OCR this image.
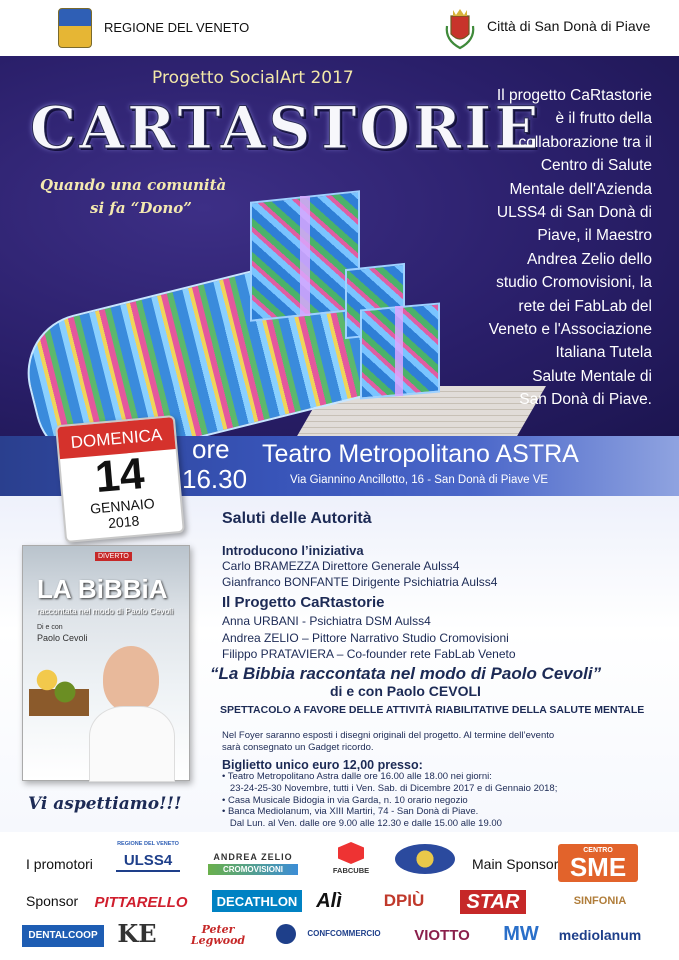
REGIONE DEL VENETO	Città di San Donà di Piave
Progetto SocialArt 2017
CARTASTORIE
Quando una comunità
si fa “Dono”
Il progetto CaRtastorie
è il frutto della
collaborazione tra il
Centro di Salute
Mentale dell'Azienda
ULSS4 di San Donà di
Piave, il Maestro
Andrea Zelio dello
studio Cromovisioni, la
rete dei FabLab del
Veneto e l'Associazione
Italiana Tutela
Salute Mentale di
San Donà di Piave.
ore
16.30
Teatro Metropolitano ASTRA
Via Giannino Ancillotto, 16 - San Donà di Piave VE
Saluti delle Autorità
Introducono l’iniziativa
Carlo BRAMEZZA Direttore Generale Aulss4
Gianfranco BONFANTE Dirigente Psichiatria Aulss4
Il Progetto CaRtastorie
Anna URBANI - Psichiatra DSM Aulss4
Andrea ZELIO – Pittore Narrativo Studio Cromovisioni
Filippo PRATAVIERA – Co-founder rete FabLab Veneto
“La Bibbia raccontata nel modo di Paolo Cevoli”
di e con Paolo CEVOLI
SPETTACOLO A FAVORE DELLE ATTIVITÀ RIABILITATIVE DELLA SALUTE MENTALE
Nel Foyer saranno esposti i disegni originali del progetto. Al termine dell’evento
sarà consegnato un Gadget ricordo.
Biglietto unico euro 12,00 presso:
• Teatro Metropolitano Astra dalle ore 16.00 alle 18.00 nei giorni:
23-24-25-30 Novembre, tutti i Ven. Sab. di Dicembre 2017 e di Gennaio 2018;
• Casa Musicale Bidogia in via Garda, n. 10 orario negozio
• Banca Mediolanum, via XIII Martiri, 74 - San Donà di Piave.
Dal Lun. al Ven. dalle ore 9.00 alle 12.30 e dalle 15.00 alle 19.00
Vi aspettiamo!!!
DOMENICA
14
GENNAIO
2018
DIVERTO
LA BiBBiA
raccontata nel modo di Paolo Cevoli
Di e con
Paolo Cevoli
I promotori
REGIONE DEL VENETO
ULSS4	ANDREA ZELIO
CROMOVISIONI	FABCUBE	Main Sponsor
CENTRO
SME
Sponsor	PITTARELLO	DECATHLON Alì	DPIÙ	STAR	SINFONIA
DENTALCOOP KE	Peter Legwood
CONFCOMMERCIO	VIOTTO	MW	mediolanum
